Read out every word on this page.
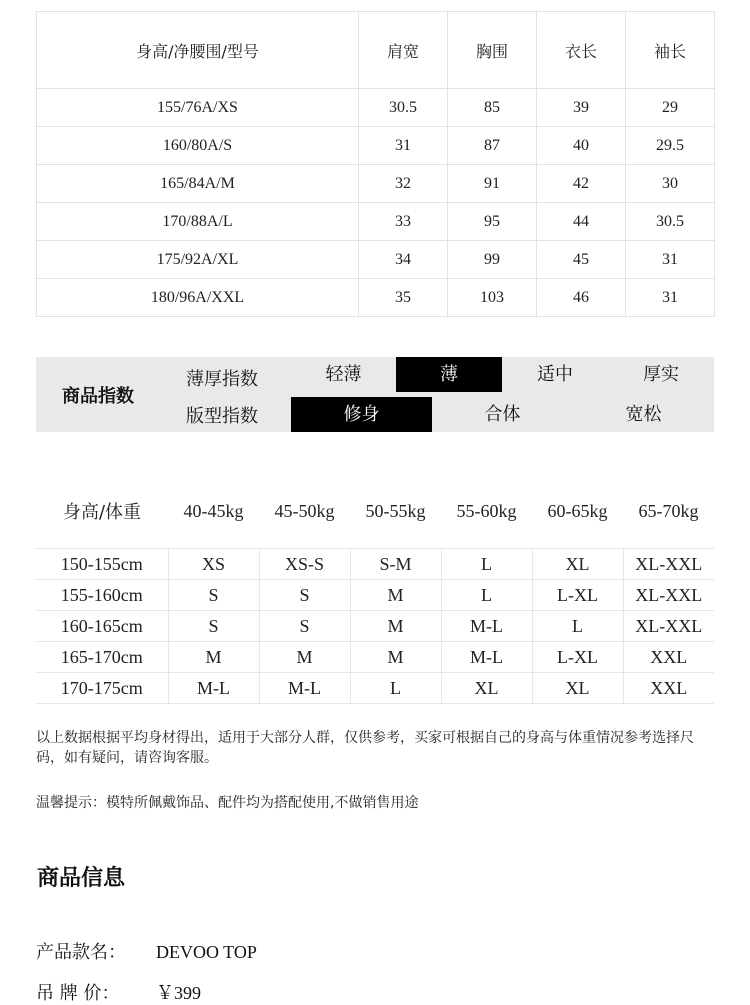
身高/净腰围/型号	肩宽	胸围	衣长	袖长
155/76A/XS	30.5	85	39	29
160/80A/S	31	87	40	29.5
165/84A/M	32	91	42	30
170/88A/L	33	95	44	30.5
175/92A/XL	34	99	45	31
180/96A/XXL	35	103	46	31
商品指数
薄厚指数	轻薄	薄	适中	厚实
版型指数	修身	合体	宽松
身高/体重	40-45kg	45-50kg	50-55kg	55-60kg	60-65kg	65-70kg

150-155cm	XS	XS-S	S-M	L	XL	XL-XXL
155-160cm	S	S	M	L	L-XL	XL-XXL
160-165cm	S	S	M	M-L	L	XL-XXL
165-170cm	M	M	M	M-L	L-XL	XXL
170-175cm	M-L	M-L	L	XL	XL	XXL
以上数据根据平均身材得出，适用于大部分人群，仅供参考，买家可根据自己的身高与体重情况参考选择尺码，如有疑问，请咨询客服。
温馨提示：模特所佩戴饰品、配件均为搭配使用,不做销售用途
商品信息
产品款名： DEVOO TOP
吊 牌 价： ￥399
